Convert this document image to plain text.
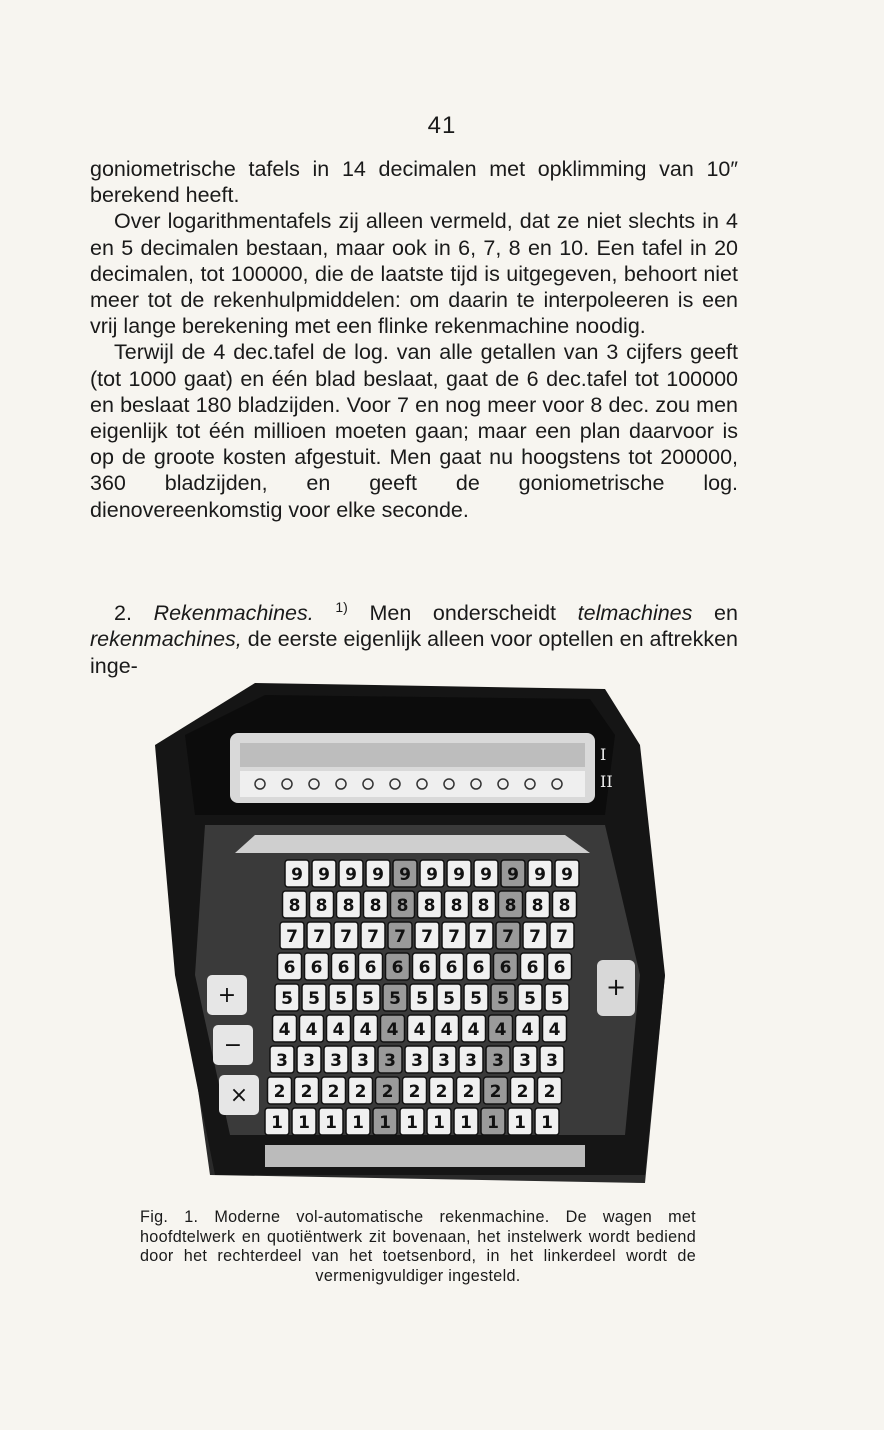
41

goniometrische tafels in 14 decimalen met opklimming van 10″ berekend heeft.

Over logarithmentafels zij alleen vermeld, dat ze niet slechts in 4 en 5 decimalen bestaan, maar ook in 6, 7, 8 en 10. Een tafel in 20 decimalen, tot 100000, die de laatste tijd is uitgegeven, behoort niet meer tot de rekenhulpmiddelen: om daarin te interpoleeren is een vrij lange berekening met een flinke rekenmachine noodig.

Terwijl de 4 dec.tafel de log. van alle getallen van 3 cijfers geeft (tot 1000 gaat) en één blad beslaat, gaat de 6 dec.tafel tot 100000 en beslaat 180 bladzijden. Voor 7 en nog meer voor 8 dec. zou men eigenlijk tot één millioen moeten gaan; maar een plan daarvoor is op de groote kosten afgestuit. Men gaat nu hoogstens tot 200000, 360 bladzijden, en geeft de goniometrische log. dienovereenkomstig voor elke seconde.

2. Rekenmachines. $^{1)}$ Men onderscheidt telmachines en rekenmachines, de eerste eigenlijk alleen voor optellen en aftrekken inge-

I
II
9 9 9 9 9 9 9 9 9 9 9
8 8 8 8 8 8 8 8 8 8 8
7 7 7 7 7 7 7 7 7 7 7
6 6 6 6 6 6 6 6 6 6 6
5 5 5 5 5 5 5 5 5 5 5
4 4 4 4 4 4 4 4 4 4 4
3 3 3 3 3 3 3 3 3 3 3
2 2 2 2 2 2 2 2 2 2 2
1 1 1 1 1 1 1 1 1 1 1
+
−
×
+

Fig. 1. Moderne vol-automatische rekenmachine. De wagen met hoofdtelwerk en quotiëntwerk zit bovenaan, het instelwerk wordt bediend door het rechterdeel van het toetsenbord, in het linkerdeel wordt de vermenigvuldiger ingesteld.
